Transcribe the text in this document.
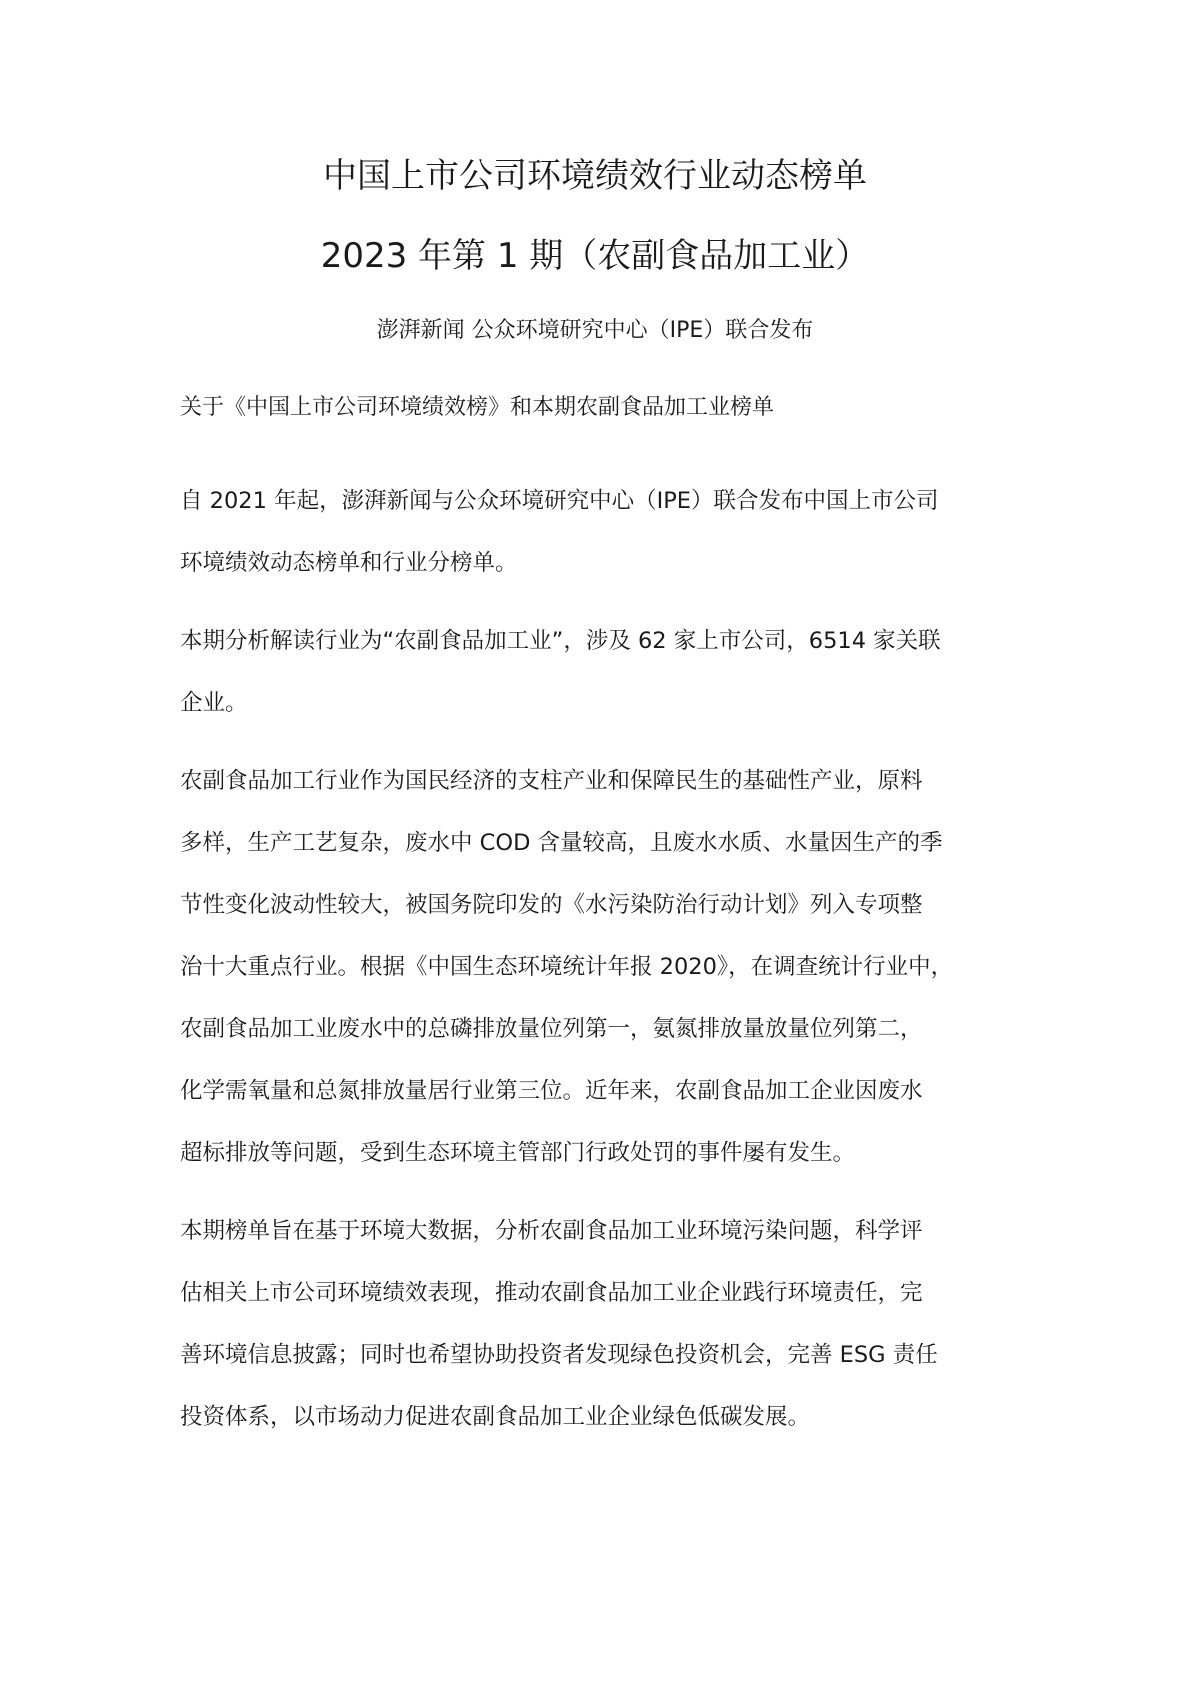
中国上市公司环境绩效行业动态榜单
2023 年第 1 期（农副食品加工业）
澎湃新闻 公众环境研究中心（IPE）联合发布
关于《中国上市公司环境绩效榜》和本期农副食品加工业榜单
自 2021 年起，澎湃新闻与公众环境研究中心（IPE）联合发布中国上市公司
环境绩效动态榜单和行业分榜单。
本期分析解读行业为“农副食品加工业”，涉及 62 家上市公司，6514 家关联
企业。
农副食品加工行业作为国民经济的支柱产业和保障民生的基础性产业，原料
多样，生产工艺复杂，废水中 COD 含量较高，且废水水质、水量因生产的季
节性变化波动性较大，被国务院印发的《水污染防治行动计划》列入专项整
治十大重点行业。根据《中国生态环境统计年报 2020》，在调查统计行业中，
农副食品加工业废水中的总磷排放量位列第一，氨氮排放量放量位列第二，
化学需氧量和总氮排放量居行业第三位。近年来，农副食品加工企业因废水
超标排放等问题，受到生态环境主管部门行政处罚的事件屡有发生。
本期榜单旨在基于环境大数据，分析农副食品加工业环境污染问题，科学评
估相关上市公司环境绩效表现，推动农副食品加工业企业践行环境责任，完
善环境信息披露；同时也希望协助投资者发现绿色投资机会，完善 ESG 责任
投资体系，以市场动力促进农副食品加工业企业绿色低碳发展。
